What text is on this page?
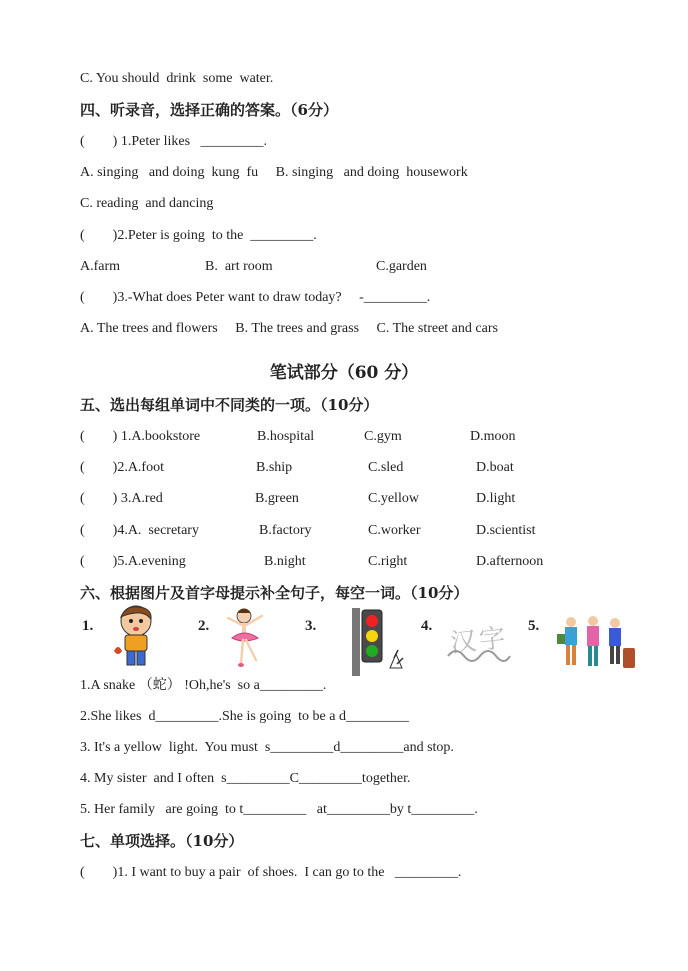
C. You should  drink  some  water.
四、听录音，选择正确的答案。（6分）
(        ) 1.Peter likes   _________.
A. singing   and doing  kung  fu     B. singing   and doing  housework
C. reading  and dancing
(        )2.Peter is going  to the  _________.
A.farm	B.  art room	C.garden
(        )3.-What does Peter want to draw today?     -_________.
A. The trees and flowers     B. The trees and grass     C. The street and cars
笔试部分（60 分）
五、选出每组单词中不同类的一项。（10分）
(        ) 1.A.bookstore	B.hospital	C.gym	D.moon
(        )2.A.foot	B.ship	C.sled	D.boat
(        ) 3.A.red	B.green	C.yellow	D.light
(        )4.A.  secretary	B.factory	C.worker	D.scientist
(        )5.A.evening	B.night	C.right	D.afternoon
六、根据图片及首字母提示补全句子，每空一词。（10分）
1.	2.	3.	4.	5.
汉字
1.A snake （蛇） !Oh,he's  so a_________.
2.She likes  d_________.She is going  to be a d_________
3. It's a yellow  light.  You must  s_________d_________and stop.
4. My sister  and I often  s_________C_________together.
5. Her family   are going  to t_________   at_________by t_________.
七、单项选择。（10分）
(        )1. I want to buy a pair  of shoes.  I can go to the   _________.
